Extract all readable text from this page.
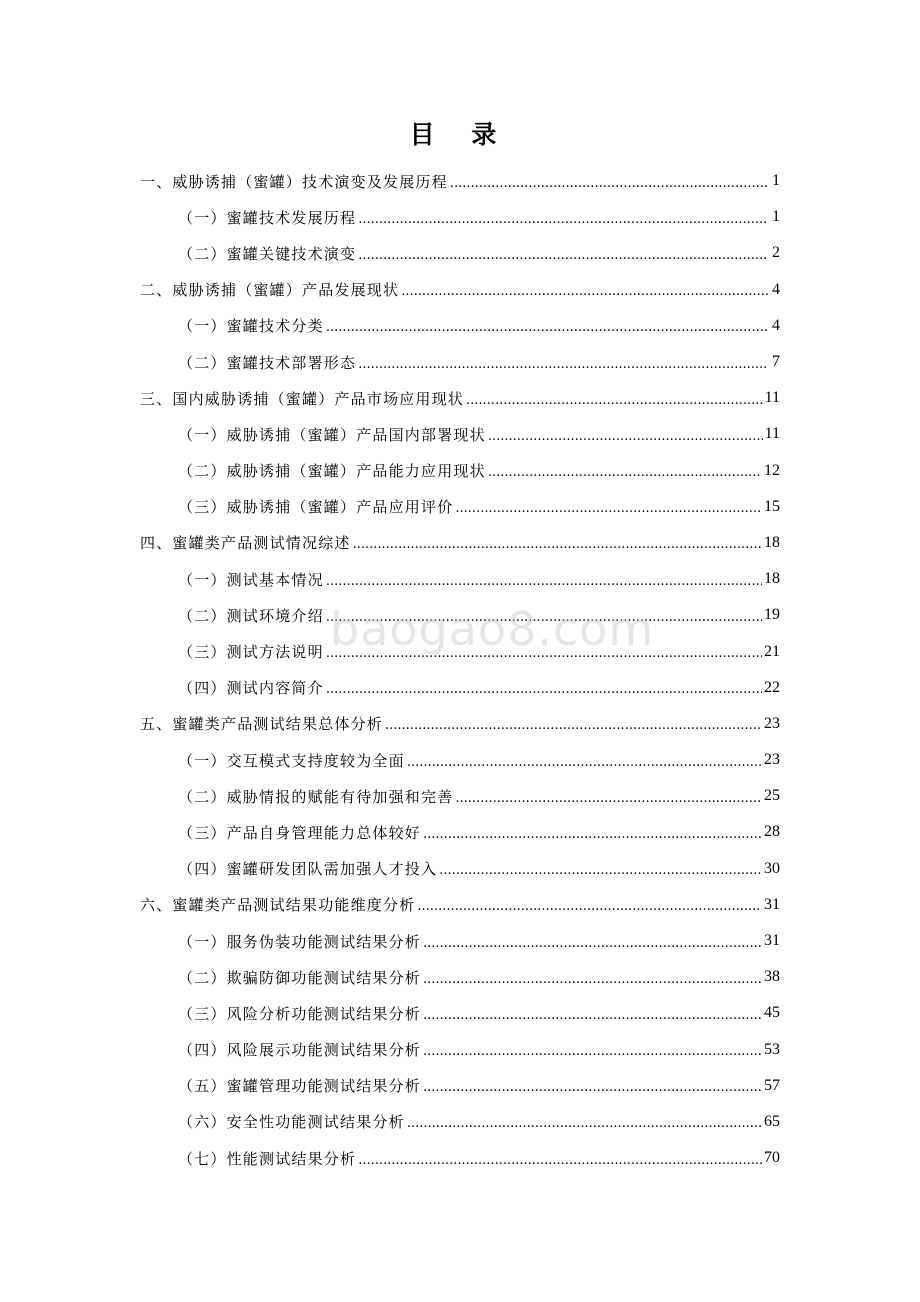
目 录
一、威胁诱捕（蜜罐）技术演变及发展历程 .....	1
（一）蜜罐技术发展历程 .....	1
（二）蜜罐关键技术演变 .....	2
二、威胁诱捕（蜜罐）产品发展现状 .....	4
（一）蜜罐技术分类 .....	4
（二）蜜罐技术部署形态 .....	7
三、国内威胁诱捕（蜜罐）产品市场应用现状 .....	11
（一）威胁诱捕（蜜罐）产品国内部署现状 .....	11
（二）威胁诱捕（蜜罐）产品能力应用现状 .....	12
（三）威胁诱捕（蜜罐）产品应用评价 .....	15
四、蜜罐类产品测试情况综述 .....	18
（一）测试基本情况 .....	18
（二）测试环境介绍 .....	19
（三）测试方法说明 .....	21
（四）测试内容简介 .....	22
五、蜜罐类产品测试结果总体分析 .....	23
（一）交互模式支持度较为全面 .....	23
（二）威胁情报的赋能有待加强和完善 .....	25
（三）产品自身管理能力总体较好 .....	28
（四）蜜罐研发团队需加强人才投入 .....	30
六、蜜罐类产品测试结果功能维度分析 .....	31
（一）服务伪装功能测试结果分析 .....	31
（二）欺骗防御功能测试结果分析 .....	38
（三）风险分析功能测试结果分析 .....	45
（四）风险展示功能测试结果分析 .....	53
（五）蜜罐管理功能测试结果分析 .....	57
（六）安全性功能测试结果分析 .....	65
（七）性能测试结果分析 .....	70
baogao8.com
